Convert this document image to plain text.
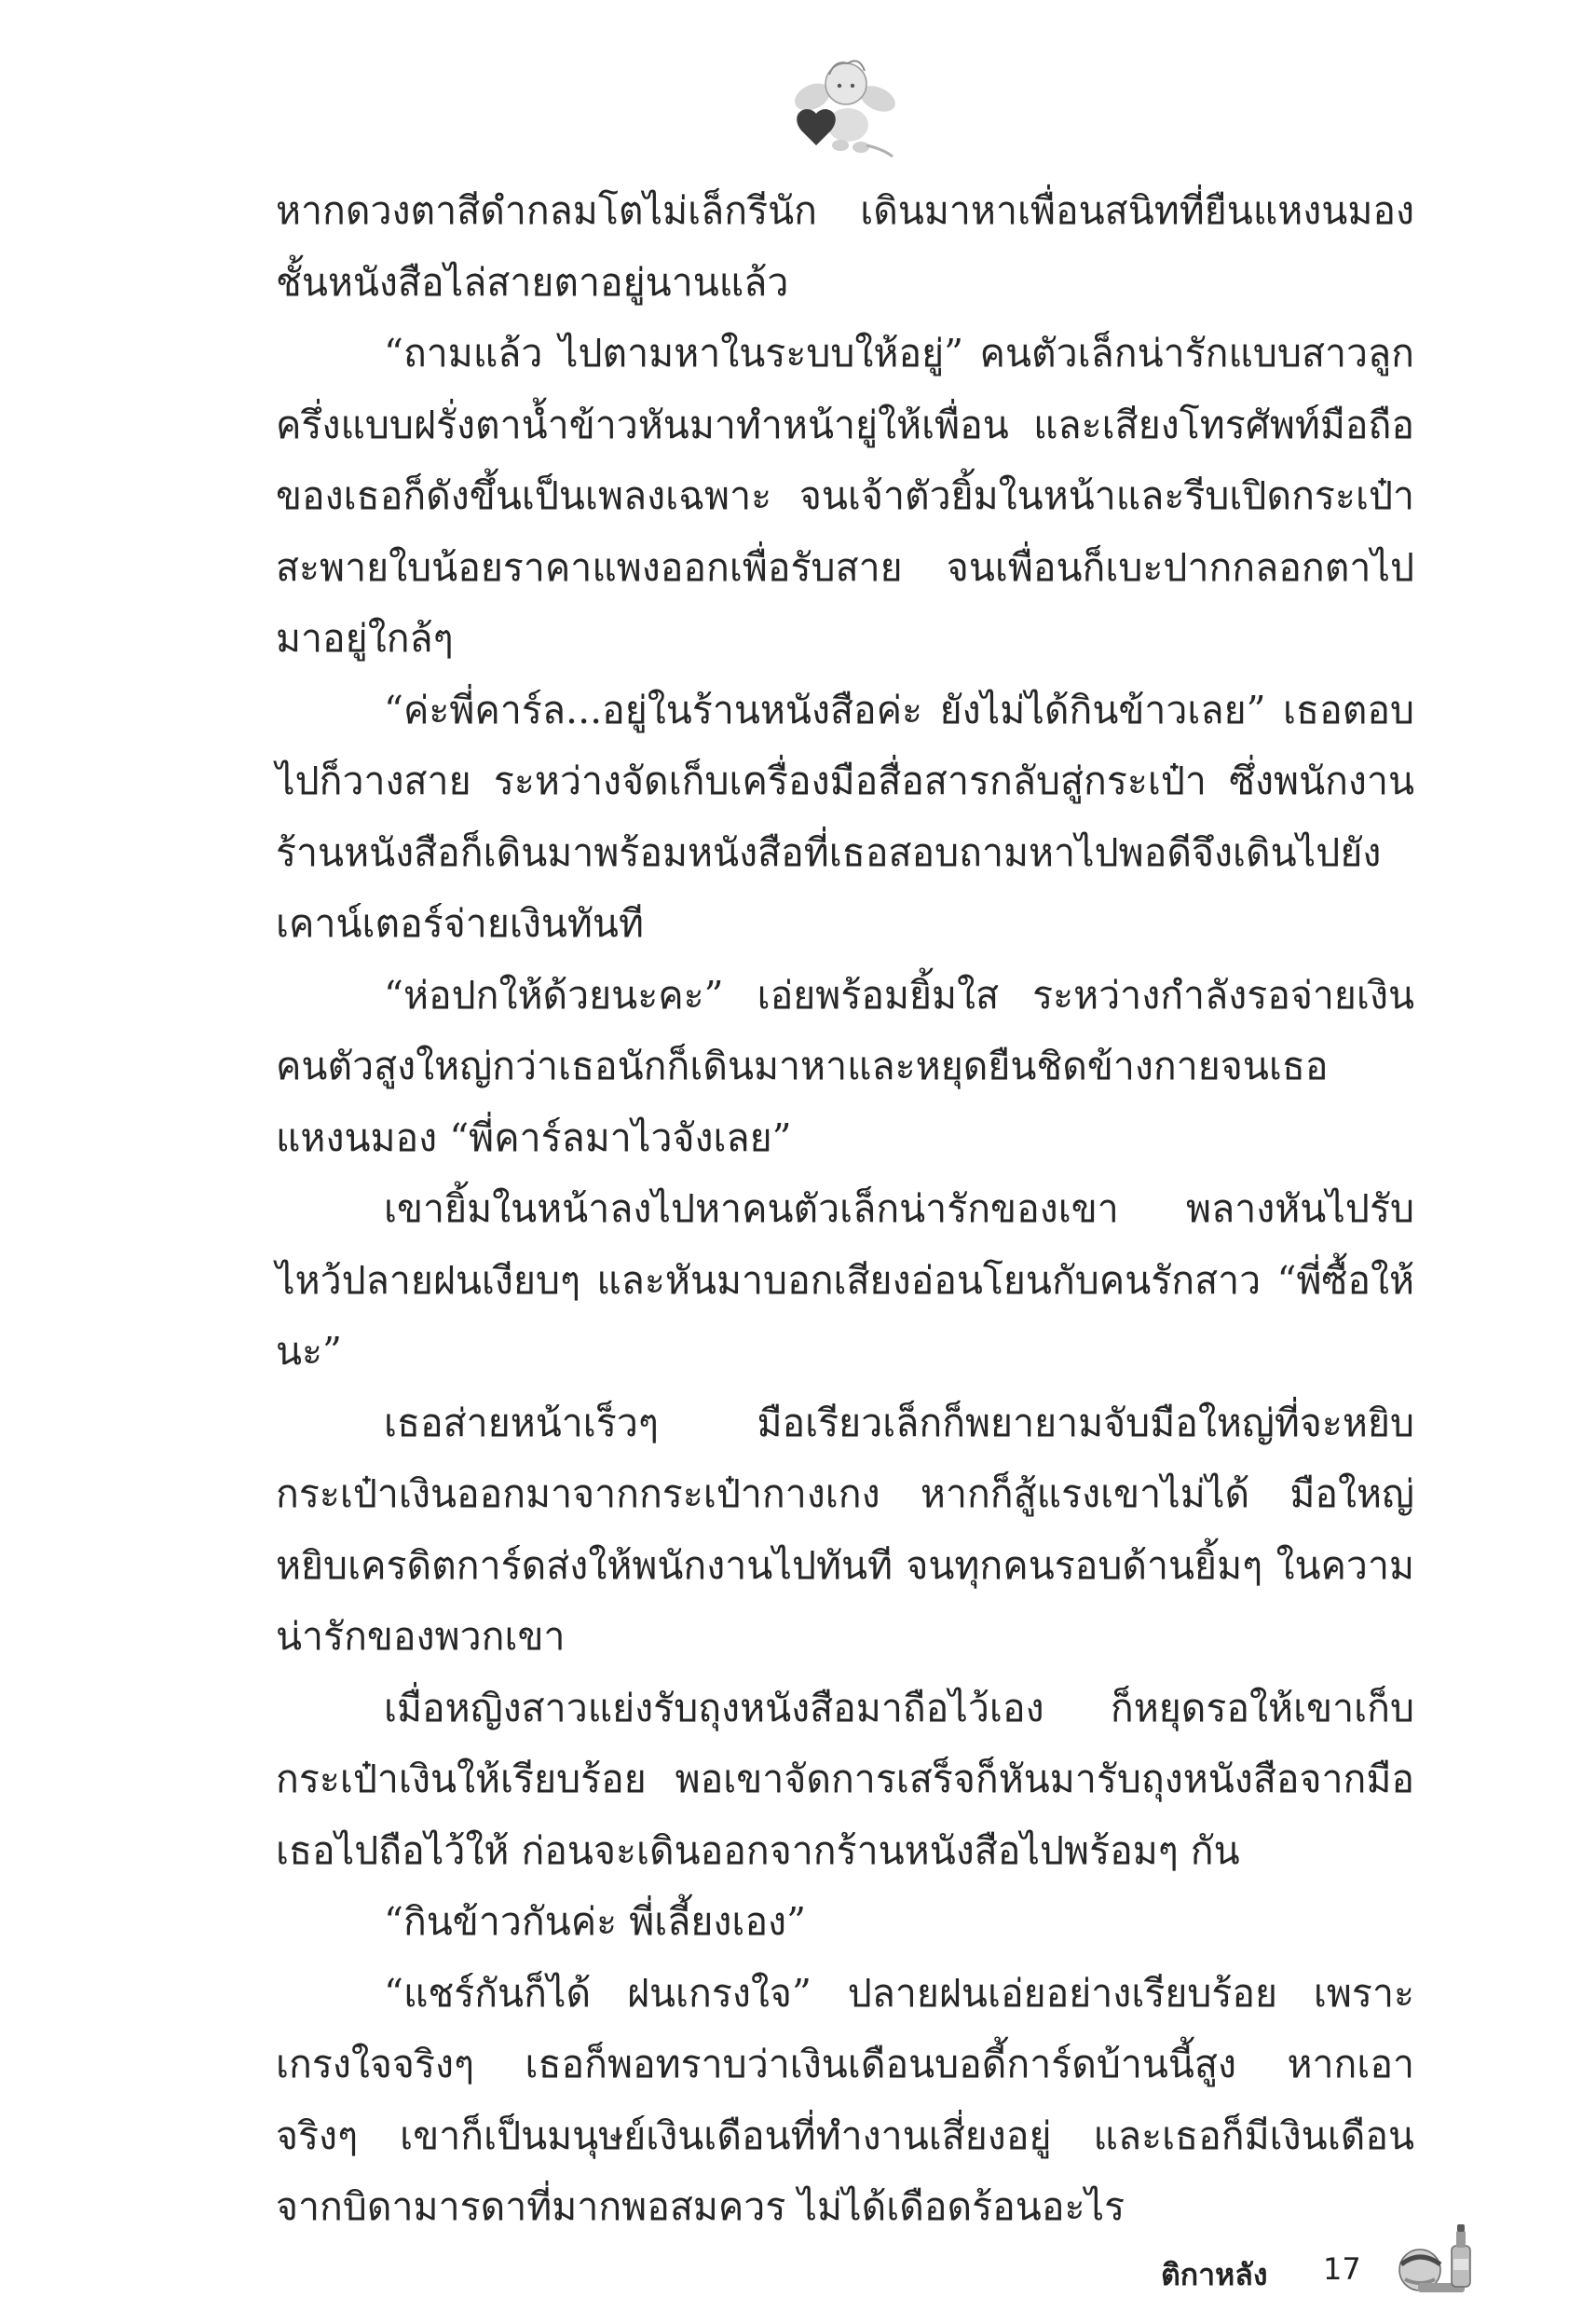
หากดวงตาสีดำกลมโตไม่เล็กรีนัก เดินมาหาเพื่อนสนิทที่ยืนแหงนมองชั้นหนังสือไล่สายตาอยู่นานแล้ว

“ถามแล้ว ไปตามหาในระบบให้อยู่” คนตัวเล็กน่ารักแบบสาวลูกครึ่งแบบฝรั่งตาน้ำข้าวหันมาทำหน้ายู่ให้เพื่อน และเสียงโทรศัพท์มือถือของเธอก็ดังขึ้นเป็นเพลงเฉพาะ จนเจ้าตัวยิ้มในหน้าและรีบเปิดกระเป๋าสะพายใบน้อยราคาแพงออกเพื่อรับสาย จนเพื่อนก็เบะปากกลอกตาไปมาอยู่ใกล้ๆ

“ค่ะพี่คาร์ล...อยู่ในร้านหนังสือค่ะ ยังไม่ได้กินข้าวเลย” เธอตอบไปก็วางสาย ระหว่างจัดเก็บเครื่องมือสื่อสารกลับสู่กระเป๋า ซึ่งพนักงานร้านหนังสือก็เดินมาพร้อมหนังสือที่เธอสอบถามหาไปพอดีจึงเดินไปยังเคาน์เตอร์จ่ายเงินทันที

“ห่อปกให้ด้วยนะคะ” เอ่ยพร้อมยิ้มใส ระหว่างกำลังรอจ่ายเงินคนตัวสูงใหญ่กว่าเธอนักก็เดินมาหาและหยุดยืนชิดข้างกายจนเธอแหงนมอง “พี่คาร์ลมาไวจังเลย”

เขายิ้มในหน้าลงไปหาคนตัวเล็กน่ารักของเขา พลางหันไปรับไหว้ปลายฝนเงียบๆ และหันมาบอกเสียงอ่อนโยนกับคนรักสาว “พี่ซื้อให้นะ”

เธอส่ายหน้าเร็วๆ มือเรียวเล็กก็พยายามจับมือใหญ่ที่จะหยิบกระเป๋าเงินออกมาจากกระเป๋ากางเกง หากก็สู้แรงเขาไม่ได้ มือใหญ่หยิบเครดิตการ์ดส่งให้พนักงานไปทันที จนทุกคนรอบด้านยิ้มๆ ในความน่ารักของพวกเขา

เมื่อหญิงสาวแย่งรับถุงหนังสือมาถือไว้เอง ก็หยุดรอให้เขาเก็บกระเป๋าเงินให้เรียบร้อย พอเขาจัดการเสร็จก็หันมารับถุงหนังสือจากมือเธอไปถือไว้ให้ ก่อนจะเดินออกจากร้านหนังสือไปพร้อมๆ กัน

“กินข้าวกันค่ะ พี่เลี้ยงเอง”

“แชร์กันก็ได้ ฝนเกรงใจ” ปลายฝนเอ่ยอย่างเรียบร้อย เพราะเกรงใจจริงๆ เธอก็พอทราบว่าเงินเดือนบอดี้การ์ดบ้านนี้สูง หากเอาจริงๆ เขาก็เป็นมนุษย์เงินเดือนที่ทำงานเสี่ยงอยู่ และเธอก็มีเงินเดือนจากบิดามารดาที่มากพอสมควร ไม่ได้เดือดร้อนอะไร

ติกาหลัง 17
